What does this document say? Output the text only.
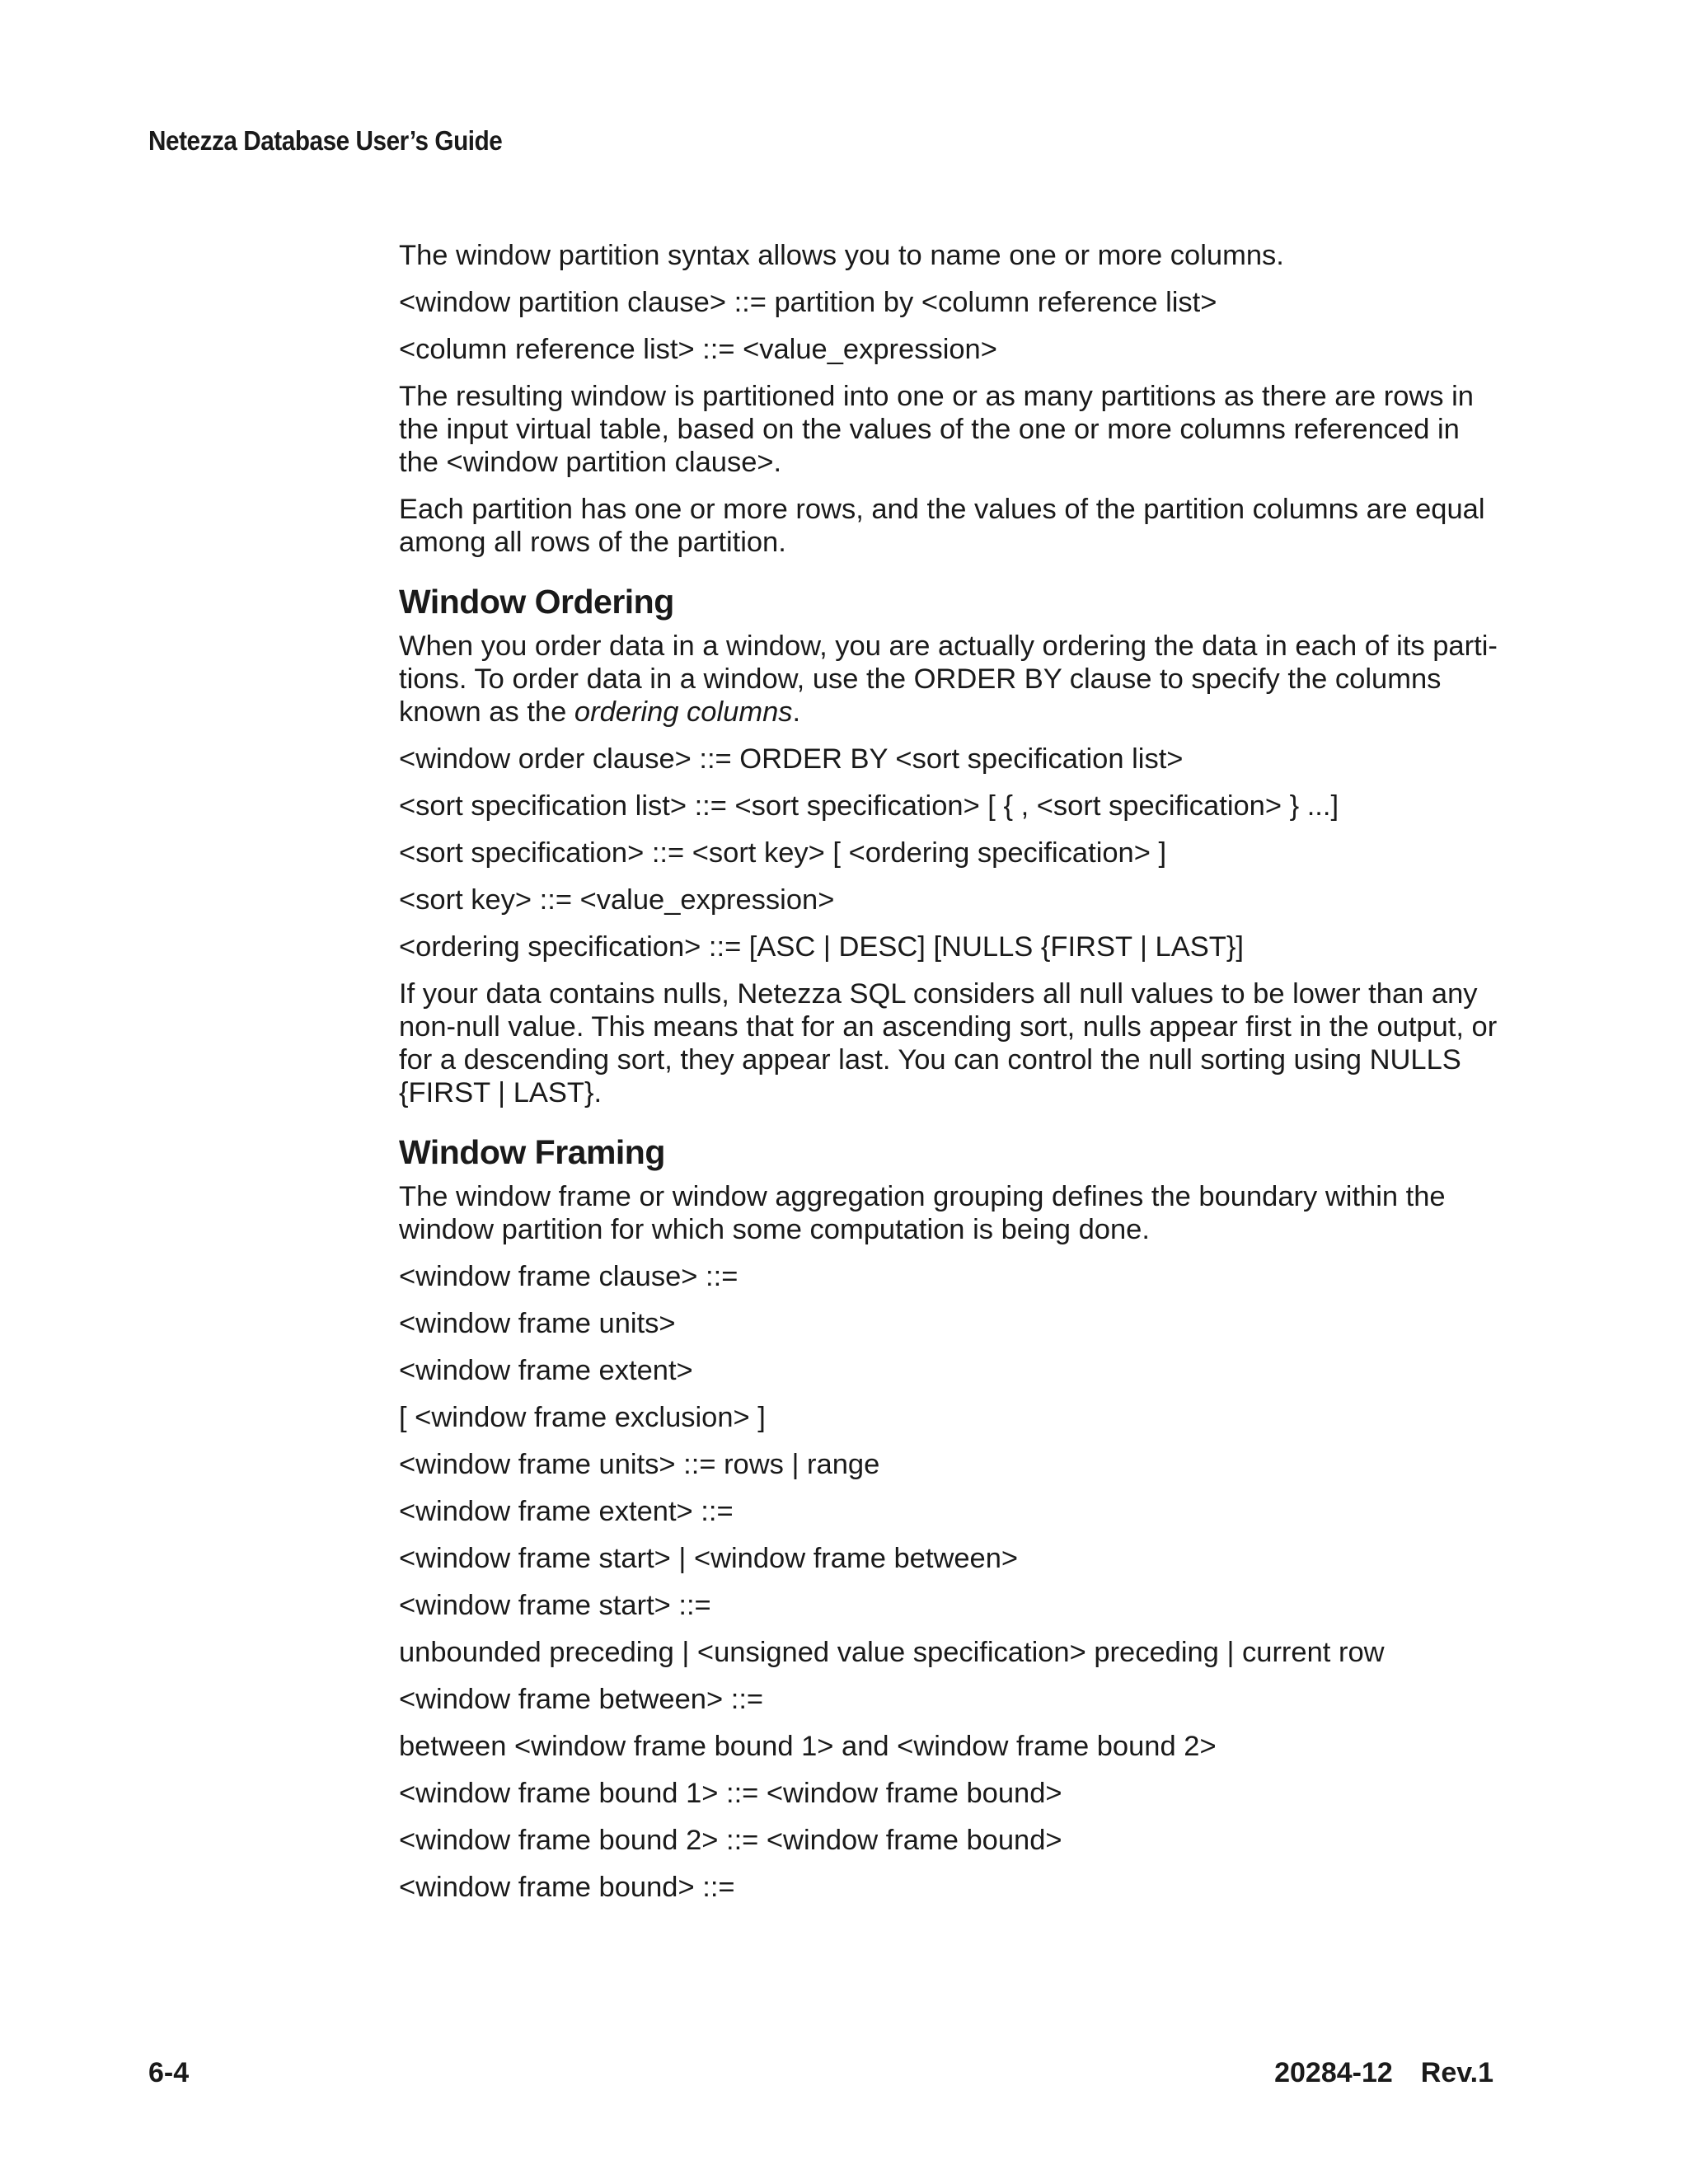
Netezza Database User’s Guide

The window partition syntax allows you to name one or more columns.

<window partition clause> ::= partition by <column reference list>

<column reference list> ::= <value_expression>

The resulting window is partitioned into one or as many partitions as there are rows in the input virtual table, based on the values of the one or more columns referenced in the <window partition clause>.

Each partition has one or more rows, and the values of the partition columns are equal among all rows of the partition.

Window Ordering

When you order data in a window, you are actually ordering the data in each of its partitions. To order data in a window, use the ORDER BY clause to specify the columns known as the ordering columns.

<window order clause> ::= ORDER BY <sort specification list>

<sort specification list> ::= <sort specification> [ { , <sort specification> } ...]

<sort specification> ::= <sort key> [ <ordering specification> ]

<sort key> ::= <value_expression>

<ordering specification> ::= [ASC | DESC] [NULLS {FIRST | LAST}]

If your data contains nulls, Netezza SQL considers all null values to be lower than any non-null value. This means that for an ascending sort, nulls appear first in the output, or for a descending sort, they appear last. You can control the null sorting using NULLS {FIRST | LAST}.

Window Framing

The window frame or window aggregation grouping defines the boundary within the window partition for which some computation is being done.

<window frame clause> ::=

<window frame units>

<window frame extent>

[ <window frame exclusion> ]

<window frame units> ::= rows | range

<window frame extent> ::=

<window frame start> | <window frame between>

<window frame start> ::=

unbounded preceding | <unsigned value specification> preceding | current row

<window frame between> ::=

between <window frame bound 1> and <window frame bound 2>

<window frame bound 1> ::= <window frame bound>

<window frame bound 2> ::= <window frame bound>

<window frame bound> ::=

6-4	20284-12 Rev.1
